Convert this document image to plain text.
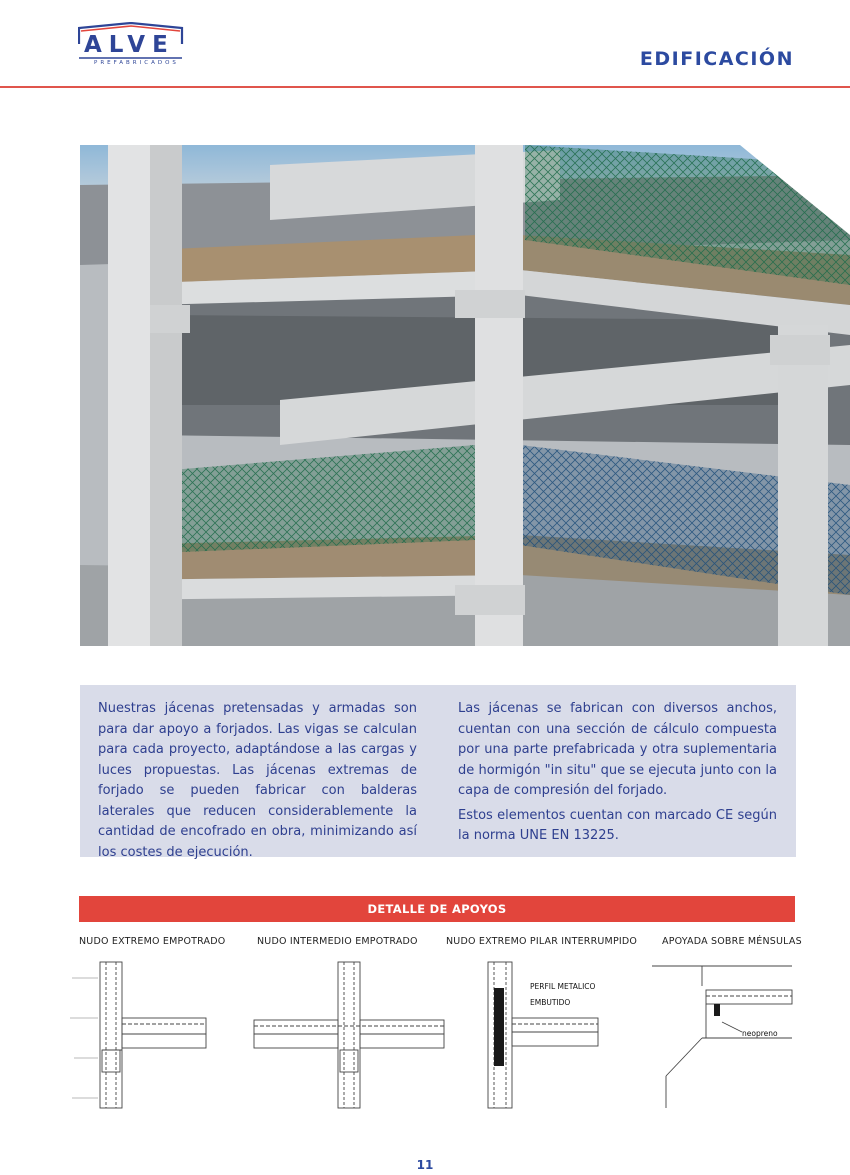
ALVE
PREFABRICADOS	EDIFICACIÓN

Nuestras jácenas pretensadas y armadas son para dar apoyo a forjados. Las vigas se calculan para cada proyecto, adaptándose a las cargas y luces propuestas. Las jácenas extremas de forjado se pueden fabricar con balderas laterales que reducen considerablemente la cantidad de encofrado en obra, minimizando así los costes de ejecución.

Las jácenas se fabrican con diversos anchos, cuentan con una sección de cálculo compuesta por una parte prefabricada y otra suplementaria de hormigón "in situ" que se ejecuta junto con la capa de compresión del forjado.

Estos elementos cuentan con marcado CE según la norma UNE EN 13225.

DETALLE DE APOYOS
NUDO EXTREMO EMPOTRADO	NUDO INTERMEDIO EMPOTRADO	NUDO EXTREMO PILAR INTERRUMPIDO	APOYADA SOBRE MÉNSULAS
PERFIL METALICO
EMBUTIDO
neopreno
11
